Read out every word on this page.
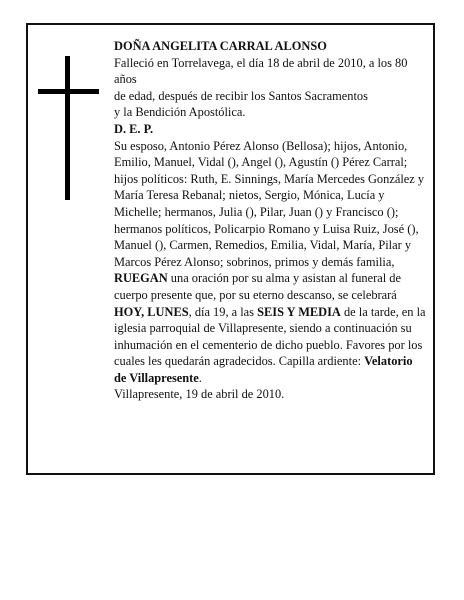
DOÑA ANGELITA CARRAL ALONSO

Falleció en Torrelavega, el día 18 de abril de 2010, a los 80 años

de edad, después de recibir los Santos Sacramentos

y la Bendición Apostólica.

D. E. P.

Su esposo, Antonio Pérez Alonso (Bellosa); hijos, Antonio, Emilio, Manuel, Vidal (), Angel (), Agustín () Pérez Carral; hijos políticos: Ruth, E. Sinnings, María Mercedes González y María Teresa Rebanal; nietos, Sergio, Mónica, Lucía y Michelle; hermanos, Julia (), Pilar, Juan () y Francisco (); hermanos políticos, Policarpio Romano y Luisa Ruiz, José (), Manuel (), Carmen, Remedios, Emilia, Vidal, María, Pilar y Marcos Pérez Alonso; sobrinos, primos y demás familia,

RUEGAN una oración por su alma y asistan al funeral de cuerpo presente que, por su eterno descanso, se celebrará HOY, LUNES, día 19, a las SEIS Y MEDIA de la tarde, en la iglesia parroquial de Villapresente, siendo a continuación su inhumación en el cementerio de dicho pueblo. Favores por los cuales les quedarán agradecidos. Capilla ardiente: Velatorio de Villapresente.

Villapresente, 19 de abril de 2010.
